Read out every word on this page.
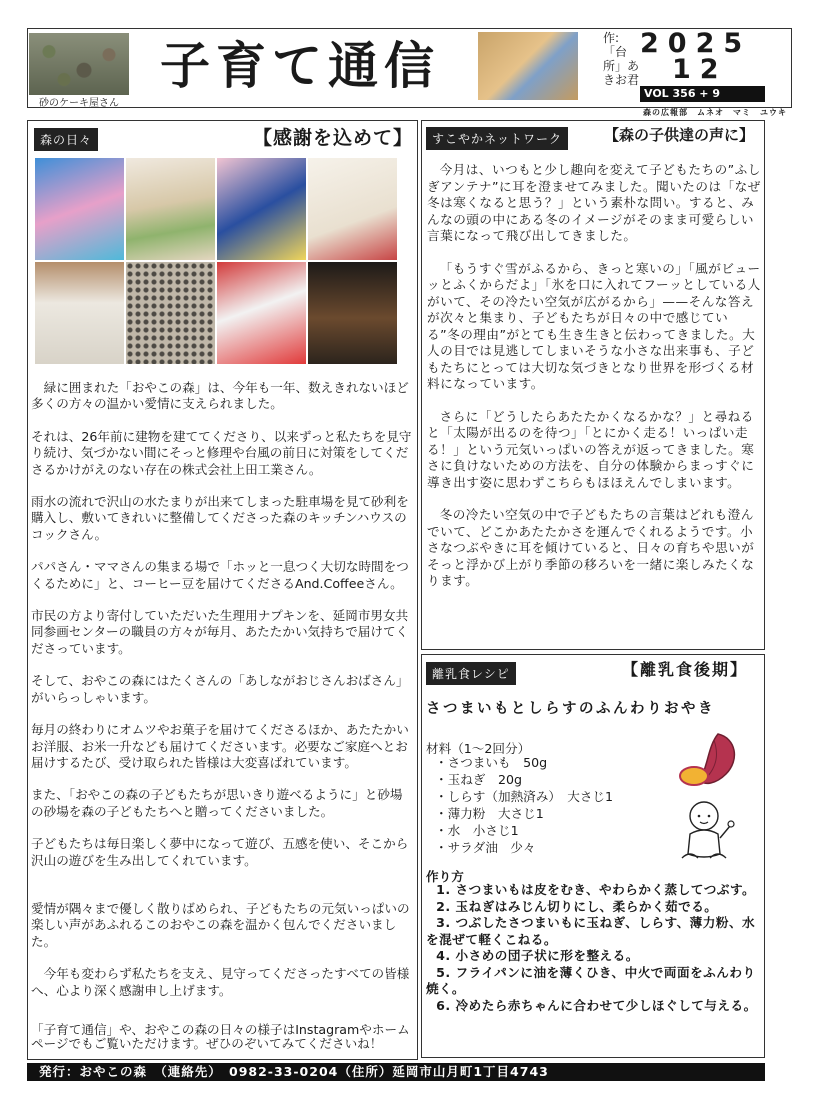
砂のケーキ屋さん
子育て通信	作:「台所」あきお君
2025
12
VOL 356 + 9
森の広報部　ムネオ　マミ　ユウキ
森の日々	【感謝を込めて】

　緑に囲まれた「おやこの森」は、今年も一年、数えきれないほど多くの方々の温かい愛情に支えられました。

それは、26年前に建物を建ててくださり、以来ずっと私たちを見守り続け、気づかない間にそっと修理や台風の前日に対策をしてくださるかけがえのない存在の株式会社上田工業さん。

雨水の流れで沢山の水たまりが出来てしまった駐車場を見て砂利を購入し、敷いてきれいに整備してくださった森のキッチンハウスのコックさん。

パパさん・ママさんの集まる場で「ホッと一息つく大切な時間をつくるために」と、コーヒー豆を届けてくださるAnd.Coffeeさん。

市民の方より寄付していただいた生理用ナプキンを、延岡市男女共同参画センターの職員の方々が毎月、あたたかい気持ちで届けてくださっています。

そして、おやこの森にはたくさんの「あしながおじさんおばさん」がいらっしゃいます。

毎月の終わりにオムツやお菓子を届けてくださるほか、あたたかいお洋服、お米一升なども届けてくださいます。必要なご家庭へとお届けするたび、受け取られた皆様は大変喜ばれています。

また、「おやこの森の子どもたちが思いきり遊べるように」と砂場の砂場を森の子どもたちへと贈ってくださいました。

子どもたちは毎日楽しく夢中になって遊び、五感を使い、そこから沢山の遊びを生み出してくれています。

愛情が隅々まで優しく散りばめられ、子どもたちの元気いっぱいの楽しい声があふれるこのおやこの森を温かく包んでくださいました。

　今年も変わらず私たちを支え、見守ってくださったすべての皆様へ、心より深く感謝申し上げます。

「子育て通信」や、おやこの森の日々の様子はInstagramやホームページでもご覧いただけます。ぜひのぞいてみてくださいね！

すこやかネットワーク	【森の子供達の声に】

今月は、いつもと少し趣向を変えて子どもたちの”ふしぎアンテナ”に耳を澄ませてみました。聞いたのは「なぜ冬は寒くなると思う？」という素朴な問い。すると、みんなの頭の中にある冬のイメージがそのまま可愛らしい言葉になって飛び出してきました。

「もうすぐ雪がふるから、きっと寒いの」「風がビューッとふくからだよ」「氷を口に入れてフーッとしている人がいて、その冷たい空気が広がるから」——そんな答えが次々と集まり、子どもたちが日々の中で感じている”冬の理由”がとても生き生きと伝わってきました。大人の目では見逃してしまいそうな小さな出来事も、子どもたちにとっては大切な気づきとなり世界を形づくる材料になっています。

さらに「どうしたらあたたかくなるかな？」と尋ねると「太陽が出るのを待つ」「とにかく走る！いっぱい走る！」という元気いっぱいの答えが返ってきました。寒さに負けないための方法を、自分の体験からまっすぐに導き出す姿に思わずこちらもほほえんでしまいます。

冬の冷たい空気の中で子どもたちの言葉はどれも澄んでいて、どこかあたたかさを運んでくれるようです。小さなつぶやきに耳を傾けていると、日々の育ちや思いがそっと浮かび上がり季節の移ろいを一緒に楽しみたくなります。

離乳食レシピ	【離乳食後期】
さつまいもとしらすのふんわりおやき
材料（1〜2回分）
・さつまいも　50g
・玉ねぎ　20g
・しらす（加熱済み）　大さじ1
・薄力粉　大さじ1
・水　小さじ1
・サラダ油　少々
作り方
1. さつまいもは皮をむき、やわらかく蒸してつぶす。
2. 玉ねぎはみじん切りにし、柔らかく茹でる。
3. つぶしたさつまいもに玉ねぎ、しらす、薄力粉、水を混ぜて軽くこねる。
4. 小さめの団子状に形を整える。
5. フライパンに油を薄くひき、中火で両面をふんわり焼く。
6. 冷めたら赤ちゃんに合わせて少しほぐして与える。
発行：おやこの森　（連絡先）　0982-33-0204（住所）延岡市山月町1丁目4743
